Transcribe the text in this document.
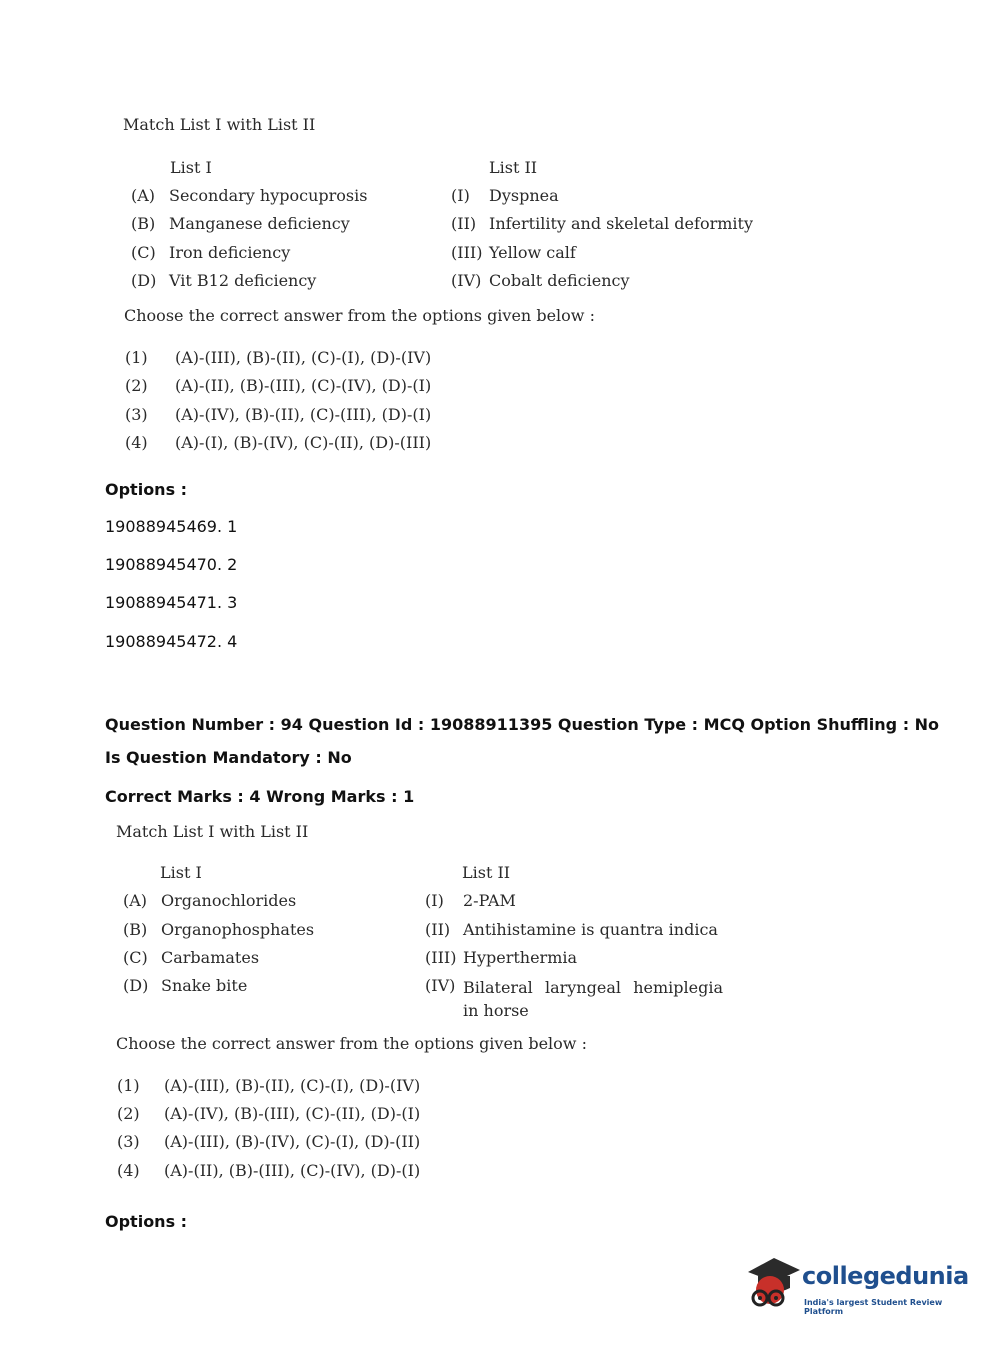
Match List I with List II
List I	List II
(A) Secondary hypocuprosis
(B) Manganese deficiency
(C) Iron deficiency
(D) Vit B12 deficiency
(I) Dyspnea
(II) Infertility and skeletal deformity
(III) Yellow calf
(IV) Cobalt deficiency
Choose the correct answer from the options given below :
(1) (A)-(III), (B)-(II), (C)-(I), (D)-(IV)
(2) (A)-(II), (B)-(III), (C)-(IV), (D)-(I)
(3) (A)-(IV), (B)-(II), (C)-(III), (D)-(I)
(4) (A)-(I), (B)-(IV), (C)-(II), (D)-(III)
Options :
19088945469. 1
19088945470. 2
19088945471. 3
19088945472. 4
Question Number : 94 Question Id : 19088911395 Question Type : MCQ Option Shuffling : No
Is Question Mandatory : No
Correct Marks : 4 Wrong Marks : 1
Match List I with List II
List I	List II
(A) Organochlorides
(B) Organophosphates
(C) Carbamates
(D) Snake bite
(I) 2-PAM
(II) Antihistamine is quantra indica
(III) Hyperthermia
(IV) Bilateral laryngeal hemiplegia in horse
Choose the correct answer from the options given below :
(1) (A)-(III), (B)-(II), (C)-(I), (D)-(IV)
(2) (A)-(IV), (B)-(III), (C)-(II), (D)-(I)
(3) (A)-(III), (B)-(IV), (C)-(I), (D)-(II)
(4) (A)-(II), (B)-(III), (C)-(IV), (D)-(I)
Options :
collegedunia
India's largest Student Review Platform
